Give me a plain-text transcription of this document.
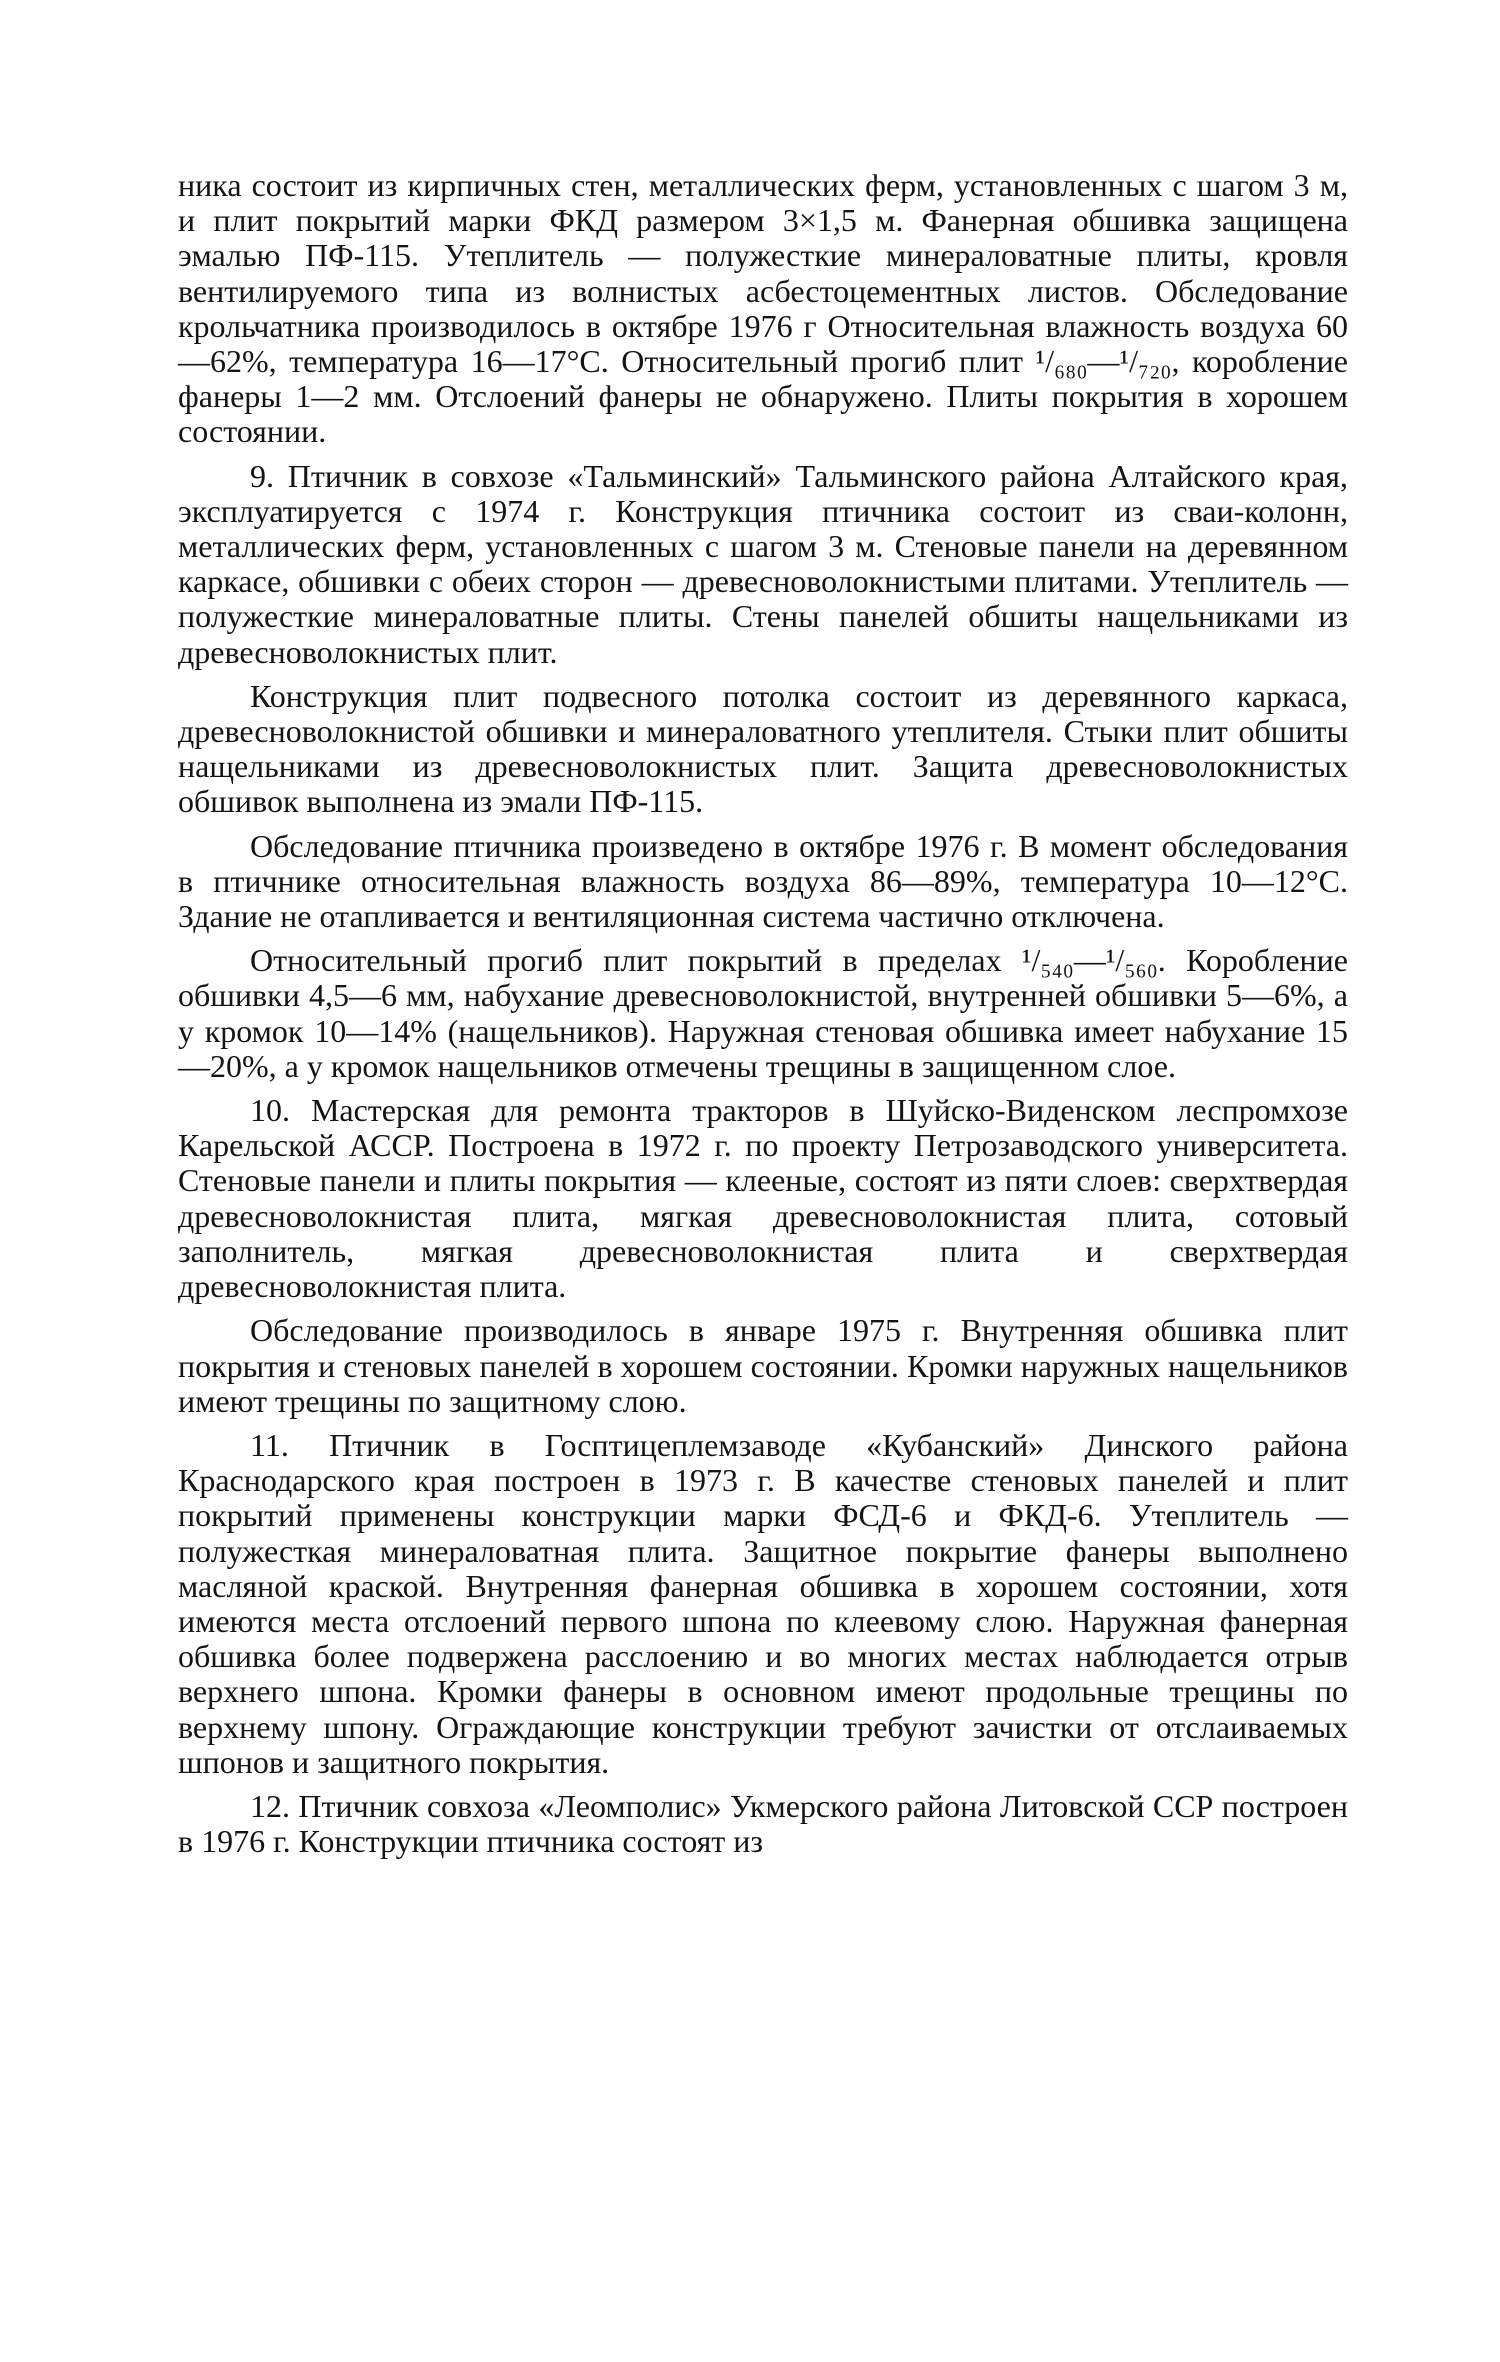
ника состоит из кирпичных стен, металлических ферм, установленных с шагом 3 м, и плит покрытий марки ФКД размером 3×1,5 м. Фанерная обшивка защищена эмалью ПФ-115. Утеплитель — полужесткие минераловатные плиты, кровля вентилируемого типа из волнистых асбестоцементных листов. Обследование крольчатника производилось в октябре 1976 г Относительная влажность воздуха 60—62%, температура 16—17°С. Относительный прогиб плит ¹/₆₈₀—¹/₇₂₀, коробление фанеры 1—2 мм. Отслоений фанеры не обнаружено. Плиты покрытия в хорошем состоянии.

9. Птичник в совхозе «Тальминский» Тальминского района Алтайского края, эксплуатируется с 1974 г. Конструкция птичника состоит из сваи-колонн, металлических ферм, установленных с шагом 3 м. Стеновые панели на деревянном каркасе, обшивки с обеих сторон — древесноволокнистыми плитами. Утеплитель — полужесткие минераловатные плиты. Стены панелей обшиты нащельниками из древесноволокнистых плит.

Конструкция плит подвесного потолка состоит из деревянного каркаса, древесноволокнистой обшивки и минераловатного утеплителя. Стыки плит обшиты нащельниками из древесноволокнистых плит. Защита древесноволокнистых обшивок выполнена из эмали ПФ-115.

Обследование птичника произведено в октябре 1976 г. В момент обследования в птичнике относительная влажность воздуха 86—89%, температура 10—12°С. Здание не отапливается и вентиляционная система частично отключена.

Относительный прогиб плит покрытий в пределах ¹/₅₄₀—¹/₅₆₀. Коробление обшивки 4,5—6 мм, набухание древесноволокнистой, внутренней обшивки 5—6%, а у кромок 10—14% (нащельников). Наружная стеновая обшивка имеет набухание 15—20%, а у кромок нащельников отмечены трещины в защищенном слое.

10. Мастерская для ремонта тракторов в Шуйско-Виденском леспромхозе Карельской АССР. Построена в 1972 г. по проекту Петрозаводского университета. Стеновые панели и плиты покрытия — клееные, состоят из пяти слоев: сверхтвердая древесноволокнистая плита, мягкая древесноволокнистая плита, сотовый заполнитель, мягкая древесноволокнистая плита и сверхтвердая древесноволокнистая плита.

Обследование производилось в январе 1975 г. Внутренняя обшивка плит покрытия и стеновых панелей в хорошем состоянии. Кромки наружных нащельников имеют трещины по защитному слою.

11. Птичник в Госптицеплемзаводе «Кубанский» Динского района Краснодарского края построен в 1973 г. В качестве стеновых панелей и плит покрытий применены конструкции марки ФСД-6 и ФКД-6. Утеплитель — полужесткая минераловатная плита. Защитное покрытие фанеры выполнено масляной краской. Внутренняя фанерная обшивка в хорошем состоянии, хотя имеются места отслоений первого шпона по клеевому слою. Наружная фанерная обшивка более подвержена расслоению и во многих местах наблюдается отрыв верхнего шпона. Кромки фанеры в основном имеют продольные трещины по верхнему шпону. Ограждающие конструкции требуют зачистки от отслаиваемых шпонов и защитного покрытия.

12. Птичник совхоза «Леомполис» Укмерского района Литовской ССР построен в 1976 г. Конструкции птичника состоят из
